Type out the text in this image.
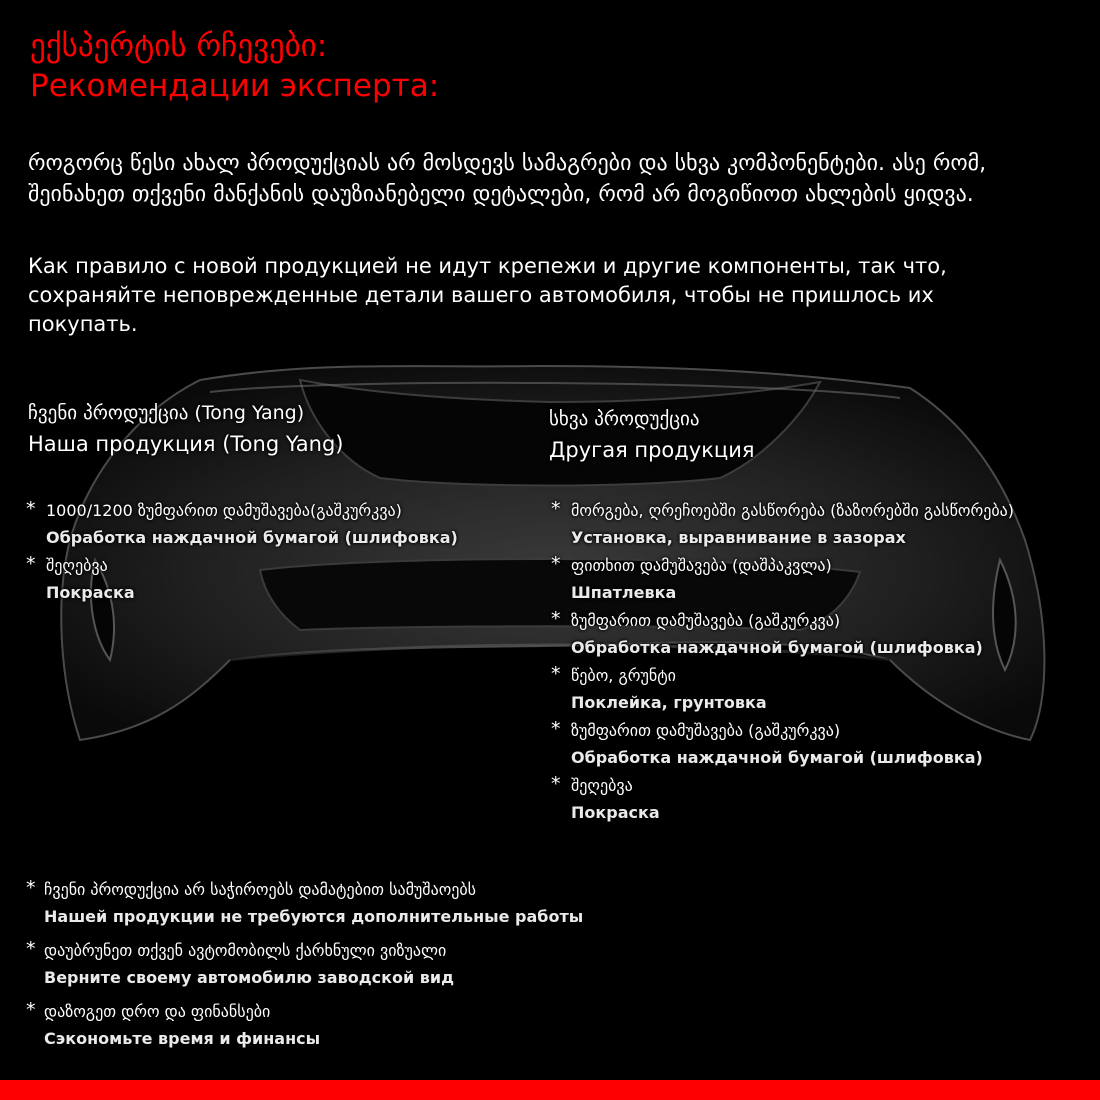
ექსპერტის რჩევები:
Рекомендации эксперта:

როგორც წესი ახალ პროდუქციას არ მოსდევს სამაგრები და სხვა კომპონენტები. ასე რომ, შეინახეთ თქვენი მანქანის დაუზიანებელი დეტალები, რომ არ მოგიწიოთ ახლების ყიდვა.

Как правило с новой продукцией не идут крепежи и другие компоненты, так что, сохраняйте неповрежденные детали вашего автомобиля, чтобы не пришлось их покупать.

ჩვენი პროდუქცია (Tong Yang)
Наша продукция (Tong Yang)
* 1000/1200 ზუმფარით დამუშავება(გაშკურკვა)
Обработка наждачной бумагой (шлифовка)
* შეღებვა
Покраска
სხვა პროდუქცია
Другая продукция
* მორგება, ღრეჩოებში გასწორება (ზაზორებში გასწორება)
Установка, выравнивание в зазорах
* ფითხით დამუშავება (დაშპაკვლა)
Шпатлевка
* ზუმფარით დამუშავება (გაშკურკვა)
Обработка наждачной бумагой (шлифовка)
* წებო, გრუნტი
Поклейка, грунтовка
* ზუმფარით დამუშავება (გაშკურკვა)
Обработка наждачной бумагой (шлифовка)
* შეღებვა
Покраска
* ჩვენი პროდუქცია არ საჭიროებს დამატებით სამუშაოებს
Нашей продукции не требуются дополнительные работы
* დაუბრუნეთ თქვენ ავტომობილს ქარხნული ვიზუალი
Верните своему автомобилю заводской вид
* დაზოგეთ დრო და ფინანსები
Сэкономьте время и финансы
